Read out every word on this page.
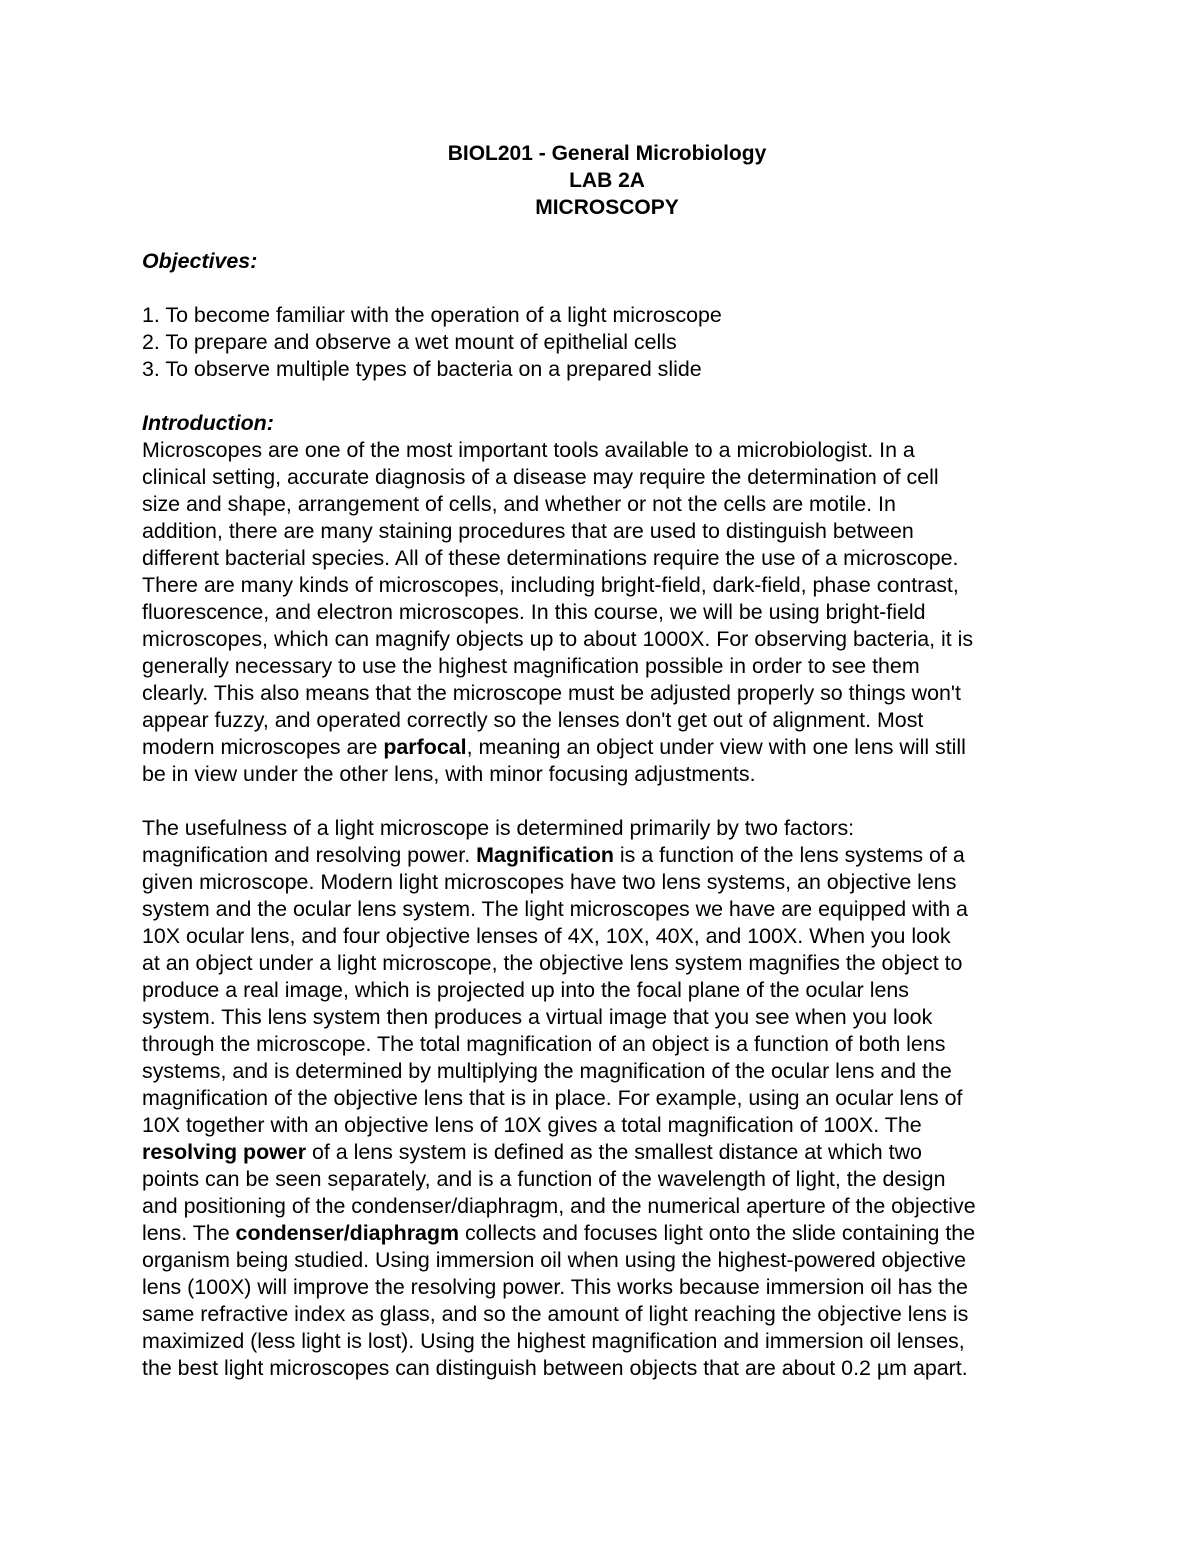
BIOL201 - General Microbiology
LAB 2A
MICROSCOPY
Objectives:
1. To become familiar with the operation of a light microscope
2. To prepare and observe a wet mount of epithelial cells
3. To observe multiple types of bacteria on a prepared slide
Introduction:
Microscopes are one of the most important tools available to a microbiologist. In a
clinical setting, accurate diagnosis of a disease may require the determination of cell
size and shape, arrangement of cells, and whether or not the cells are motile. In
addition, there are many staining procedures that are used to distinguish between
different bacterial species. All of these determinations require the use of a microscope.
There are many kinds of microscopes, including bright-field, dark-field, phase contrast,
fluorescence, and electron microscopes. In this course, we will be using bright-field
microscopes, which can magnify objects up to about 1000X. For observing bacteria, it is
generally necessary to use the highest magnification possible in order to see them
clearly. This also means that the microscope must be adjusted properly so things won't
appear fuzzy, and operated correctly so the lenses don't get out of alignment. Most
modern microscopes are parfocal, meaning an object under view with one lens will still
be in view under the other lens, with minor focusing adjustments.
The usefulness of a light microscope is determined primarily by two factors:
magnification and resolving power. Magnification is a function of the lens systems of a
given microscope. Modern light microscopes have two lens systems, an objective lens
system and the ocular lens system. The light microscopes we have are equipped with a
10X ocular lens, and four objective lenses of 4X, 10X, 40X, and 100X. When you look
at an object under a light microscope, the objective lens system magnifies the object to
produce a real image, which is projected up into the focal plane of the ocular lens
system. This lens system then produces a virtual image that you see when you look
through the microscope. The total magnification of an object is a function of both lens
systems, and is determined by multiplying the magnification of the ocular lens and the
magnification of the objective lens that is in place. For example, using an ocular lens of
10X together with an objective lens of 10X gives a total magnification of 100X. The
resolving power of a lens system is defined as the smallest distance at which two
points can be seen separately, and is a function of the wavelength of light, the design
and positioning of the condenser/diaphragm, and the numerical aperture of the objective
lens. The condenser/diaphragm collects and focuses light onto the slide containing the
organism being studied. Using immersion oil when using the highest-powered objective
lens (100X) will improve the resolving power. This works because immersion oil has the
same refractive index as glass, and so the amount of light reaching the objective lens is
maximized (less light is lost). Using the highest magnification and immersion oil lenses,
the best light microscopes can distinguish between objects that are about 0.2 µm apart.
